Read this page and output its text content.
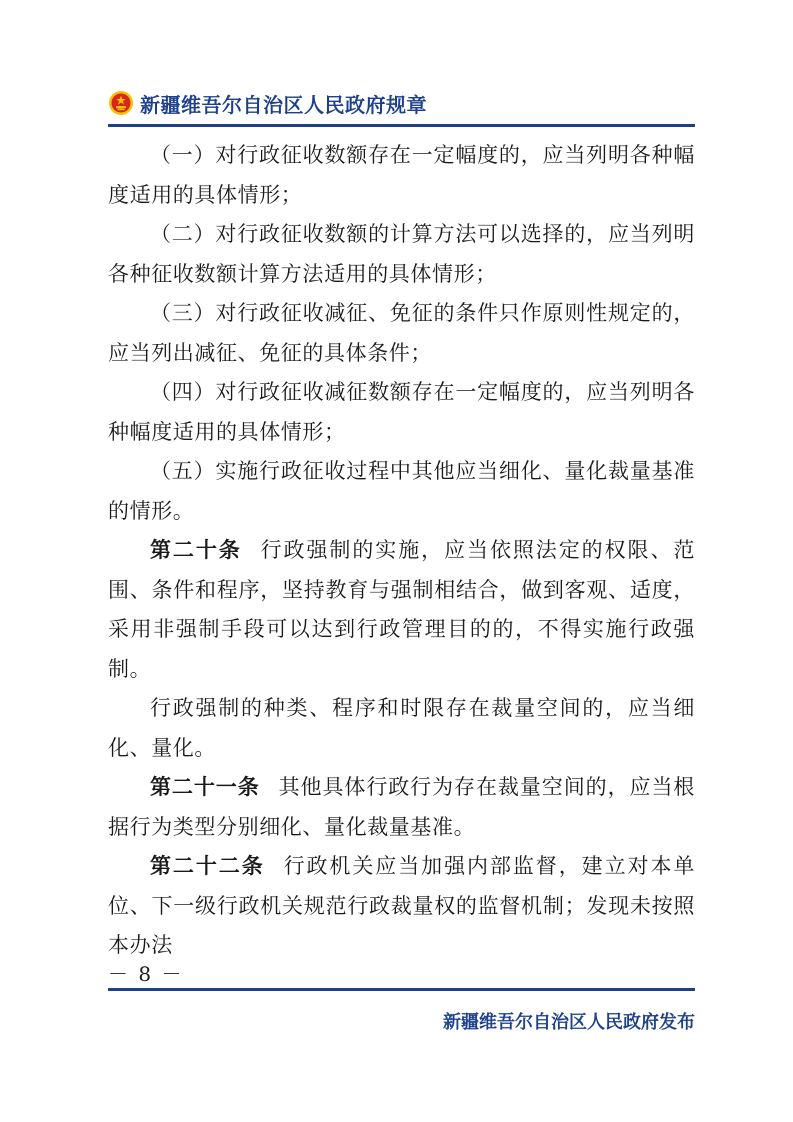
新疆维吾尔自治区人民政府规章

（一）对行政征收数额存在一定幅度的，应当列明各种幅度适用的具体情形；

（二）对行政征收数额的计算方法可以选择的，应当列明各种征收数额计算方法适用的具体情形；

（三）对行政征收减征、免征的条件只作原则性规定的，应当列出减征、免征的具体条件；

（四）对行政征收减征数额存在一定幅度的，应当列明各种幅度适用的具体情形；

（五）实施行政征收过程中其他应当细化、量化裁量基准的情形。

第二十条 行政强制的实施，应当依照法定的权限、范围、条件和程序，坚持教育与强制相结合，做到客观、适度，采用非强制手段可以达到行政管理目的的，不得实施行政强制。

行政强制的种类、程序和时限存在裁量空间的，应当细化、量化。

第二十一条 其他具体行政行为存在裁量空间的，应当根据行为类型分别细化、量化裁量基准。

第二十二条 行政机关应当加强内部监督，建立对本单位、下一级行政机关规范行政裁量权的监督机制；发现未按照本办法

－ 8 －
新疆维吾尔自治区人民政府发布
